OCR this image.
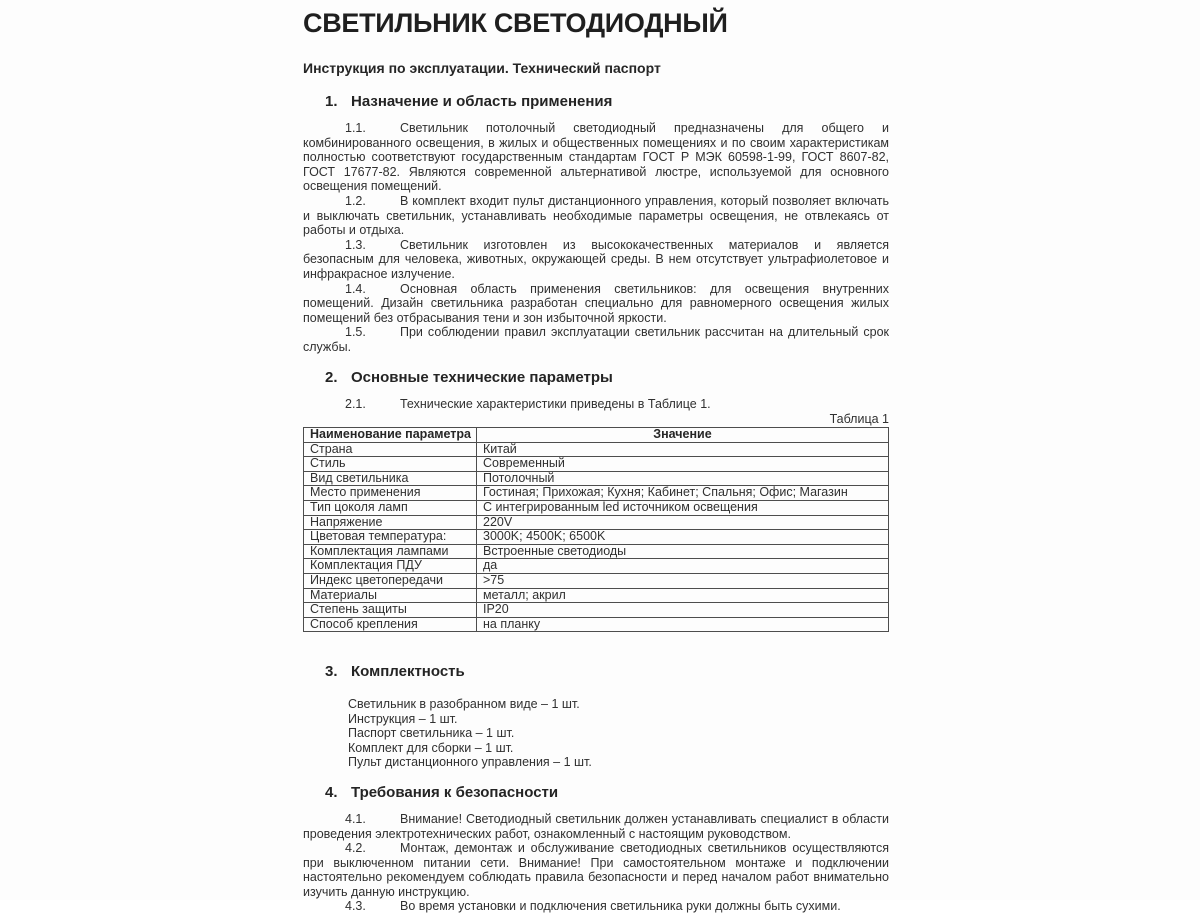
СВЕТИЛЬНИК СВЕТОДИОДНЫЙ
Инструкция по эксплуатации. Технический паспорт
1. Назначение и область применения

1.1.	Светильник потолочный светодиодный предназначены для общего и комбинированного освещения, в жилых и общественных помещениях и по своим характеристикам полностью соответствуют государственным стандартам ГОСТ Р МЭК 60598-1-99, ГОСТ 8607-82, ГОСТ 17677-82. Являются современной альтернативой люстре, используемой для основного освещения помещений.

1.2.	В комплект входит пульт дистанционного управления, который позволяет включать и выключать светильник, устанавливать необходимые параметры освещения, не отвлекаясь от работы и отдыха.

1.3.	Светильник изготовлен из высококачественных материалов и является безопасным для человека, животных, окружающей среды. В нем отсутствует ультрафиолетовое и инфракрасное излучение.

1.4.	Основная область применения светильников: для освещения внутренних помещений. Дизайн светильника разработан специально для равномерного освещения жилых помещений без отбрасывания тени и зон избыточной яркости.

1.5.	При соблюдении правил эксплуатации светильник рассчитан на длительный срок службы.

2. Основные технические параметры

2.1.	Технические характеристики приведены в Таблице 1.

Таблица 1
Наименование параметра	Значение
Страна	Китай
Стиль	Современный
Вид светильника	Потолочный
Место применения	Гостиная; Прихожая; Кухня; Кабинет; Спальня; Офис; Магазин
Тип цоколя ламп	С интегрированным led источником освещения
Напряжение	220V
Цветовая температура:	3000K; 4500K; 6500K
Комплектация лампами	Встроенные светодиоды
Комплектация ПДУ	да
Индекс цветопередачи	>75
Материалы	металл; акрил
Степень защиты	IP20
Способ крепления	на планку
3. Комплектность
Светильник в разобранном виде – 1 шт.
Инструкция – 1 шт.
Паспорт светильника – 1 шт.
Комплект для сборки – 1 шт.
Пульт дистанционного управления – 1 шт.
4. Требования к безопасности

4.1.	Внимание! Светодиодный светильник должен устанавливать специалист в области проведения электротехнических работ, ознакомленный с настоящим руководством.

4.2.	Монтаж, демонтаж и обслуживание светодиодных светильников осуществляются при выключенном питании сети. Внимание! При самостоятельном монтаже и подключении настоятельно рекомендуем соблюдать правила безопасности и перед началом работ внимательно изучить данную инструкцию.

4.3.	Во время установки и подключения светильника руки должны быть сухими.
